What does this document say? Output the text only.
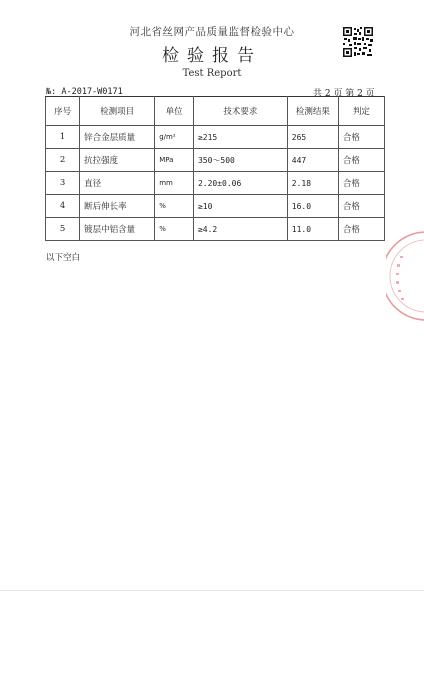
河北省丝网产品质量监督检验中心
检验报告
Test Report
№: A-2017-W0171	共 2 页 第 2 页
序号	检测项目	单位	技术要求	检测结果	判定
1	锌合金层质量	g/m²	≥215	265	合格
2	抗拉强度	MPa	350～500	447	合格
3	直径	mm	2.20±0.06	2.18	合格
4	断后伸长率	%	≥10	16.0	合格
5	镀层中铝含量	%	≥4.2	11.0	合格
以下空白
